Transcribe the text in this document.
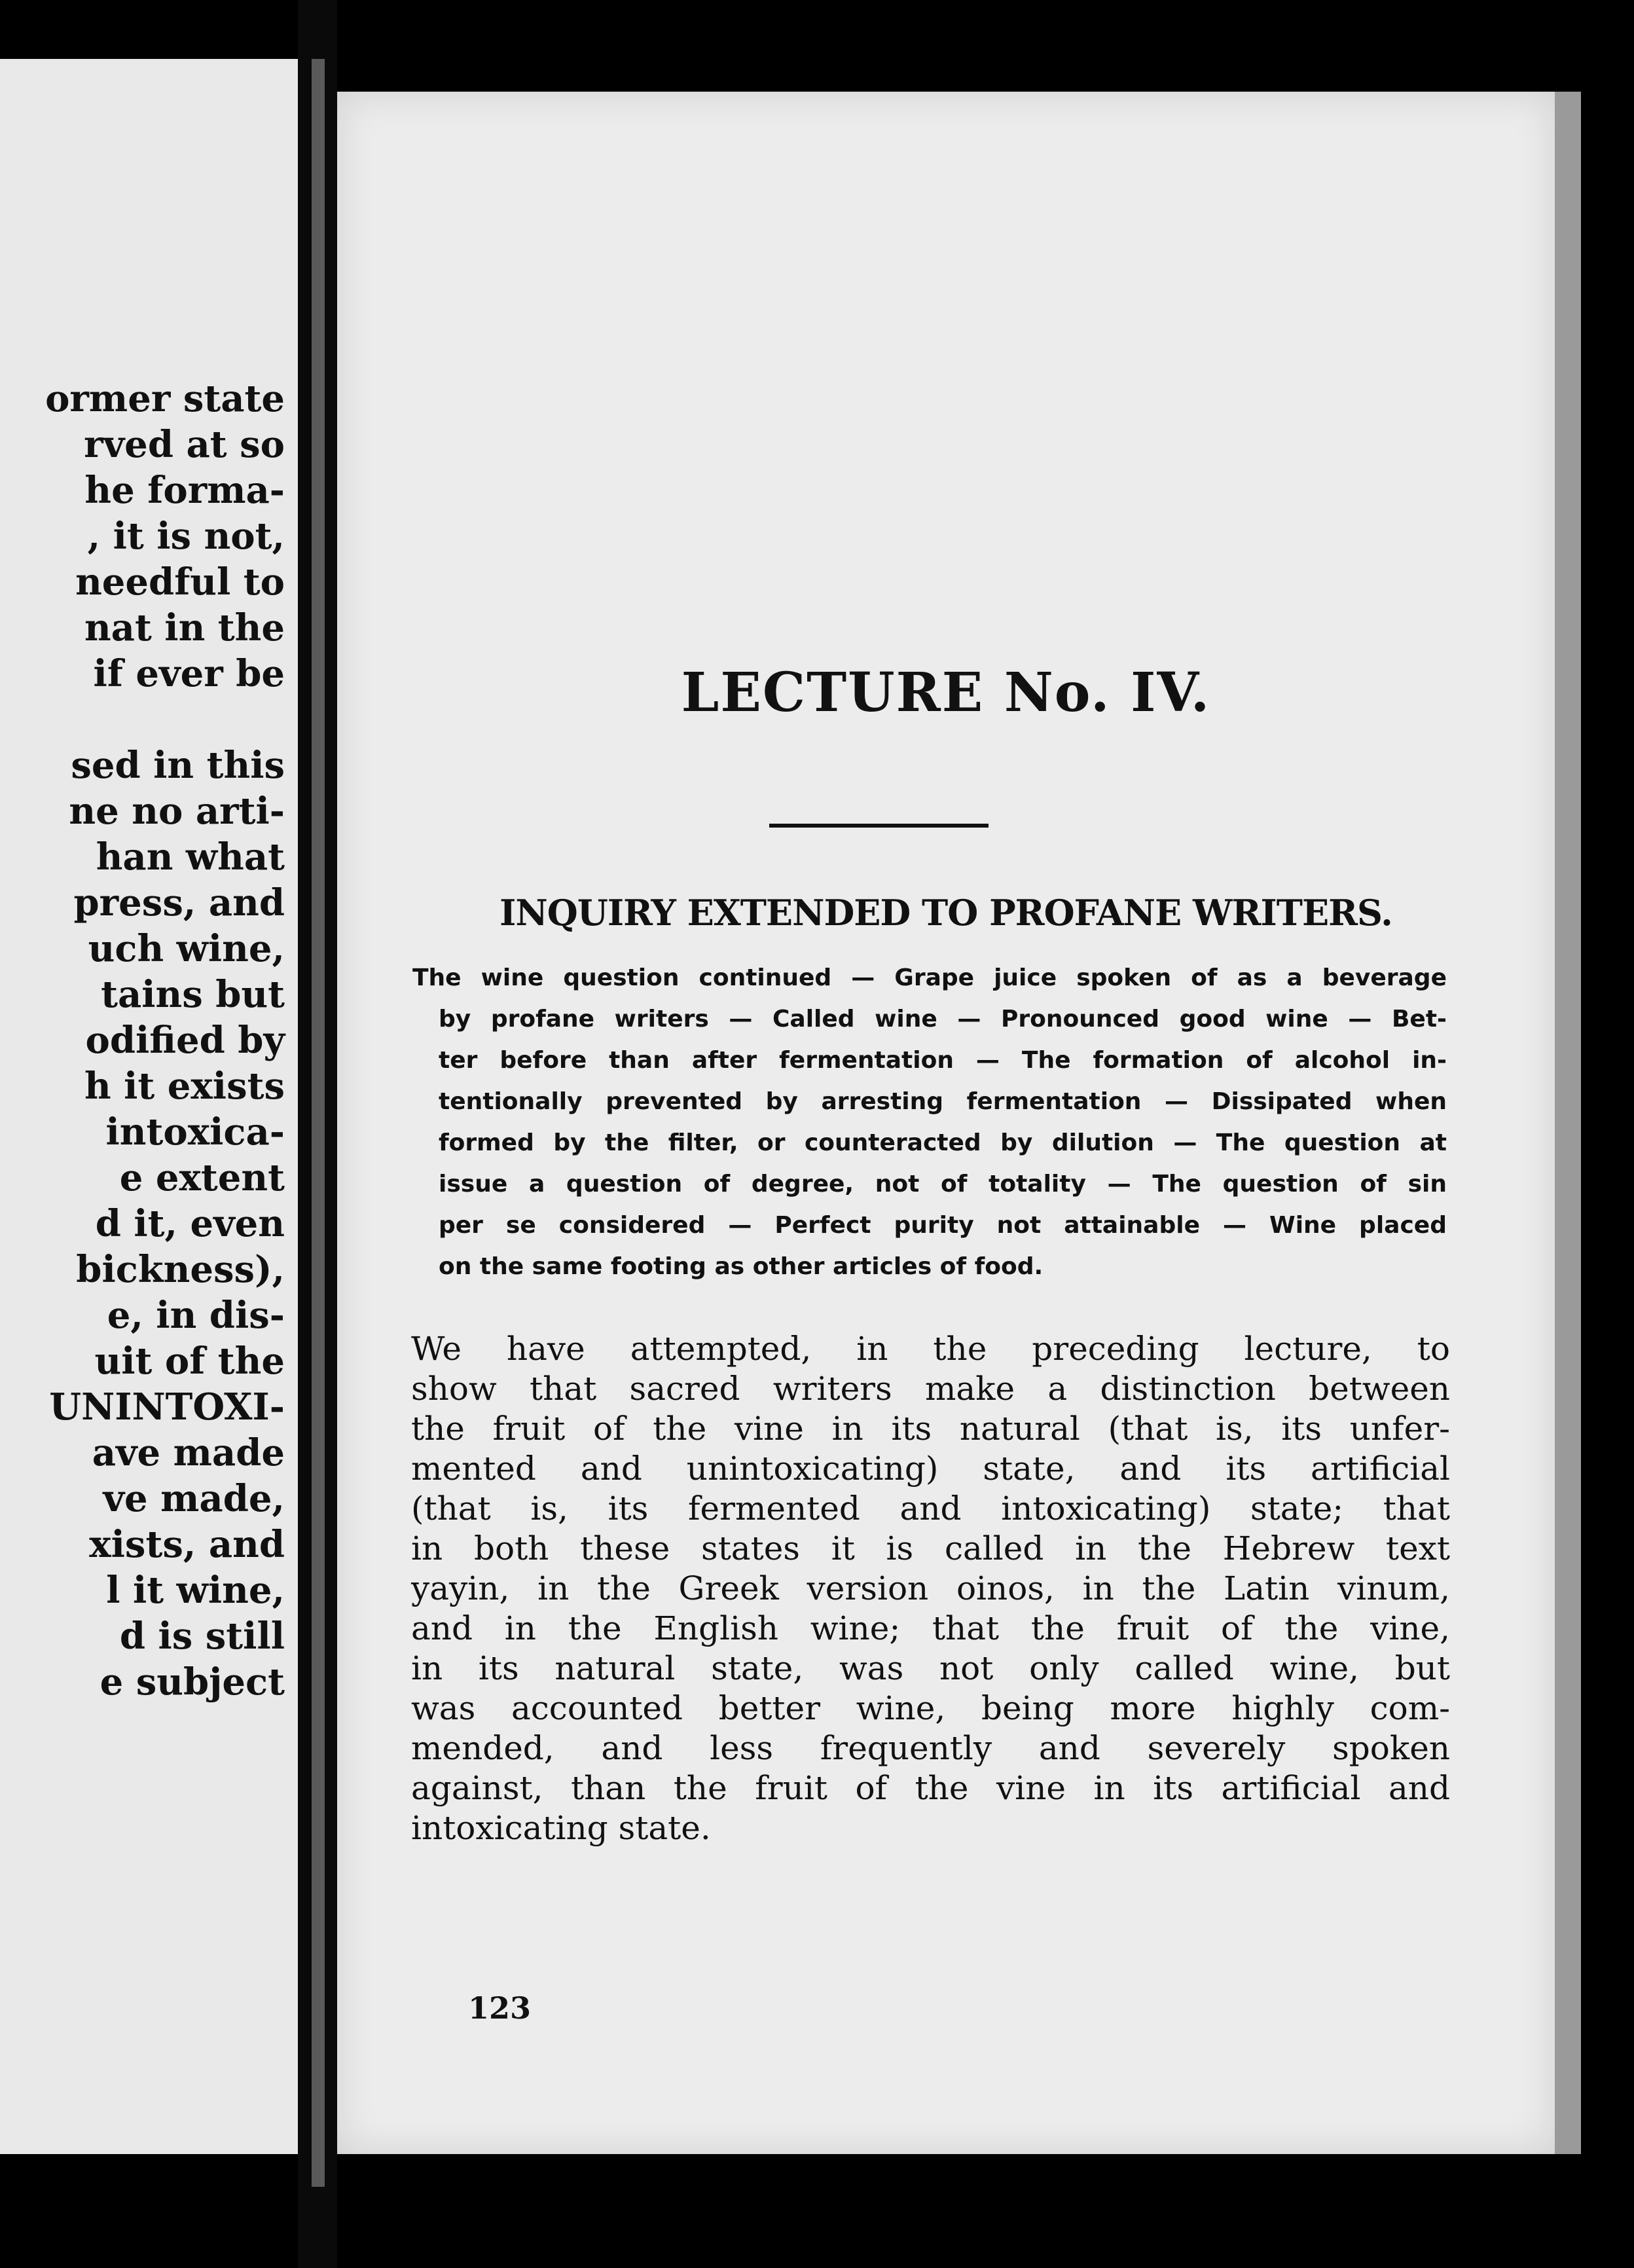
ormer state
rved at so
he forma-
, it is not,
needful to
nat in the
if ever be
sed in this
ne no arti-
han what
press, and
uch wine,
tains but
odified by
h it exists
intoxica-
e extent
d it, even
bickness),
e, in dis-
uit of the
UNINTOXI-
ave made
ve made,
xists, and
l it wine,
d is still
e subject
LECTURE No. IV.
INQUIRY EXTENDED TO PROFANE WRITERS.
The wine question continued — Grape juice spoken of as a beverage
by profane writers — Called wine — Pronounced good wine — Bet-
ter before than after fermentation — The formation of alcohol in-
tentionally prevented by arresting fermentation — Dissipated when
formed by the filter, or counteracted by dilution — The question at
issue a question of degree, not of totality — The question of sin
per se considered — Perfect purity not attainable — Wine placed
on the same footing as other articles of food.
We have attempted, in the preceding lecture, to
show that sacred writers make a distinction between
the fruit of the vine in its natural (that is, its unfer-
mented and unintoxicating) state, and its artificial
(that is, its fermented and intoxicating) state; that
in both these states it is called in the Hebrew text
yayin, in the Greek version oinos, in the Latin vinum,
and in the English wine; that the fruit of the vine,
in its natural state, was not only called wine, but
was accounted better wine, being more highly com-
mended, and less frequently and severely spoken
against, than the fruit of the vine in its artificial and
intoxicating state.
123
